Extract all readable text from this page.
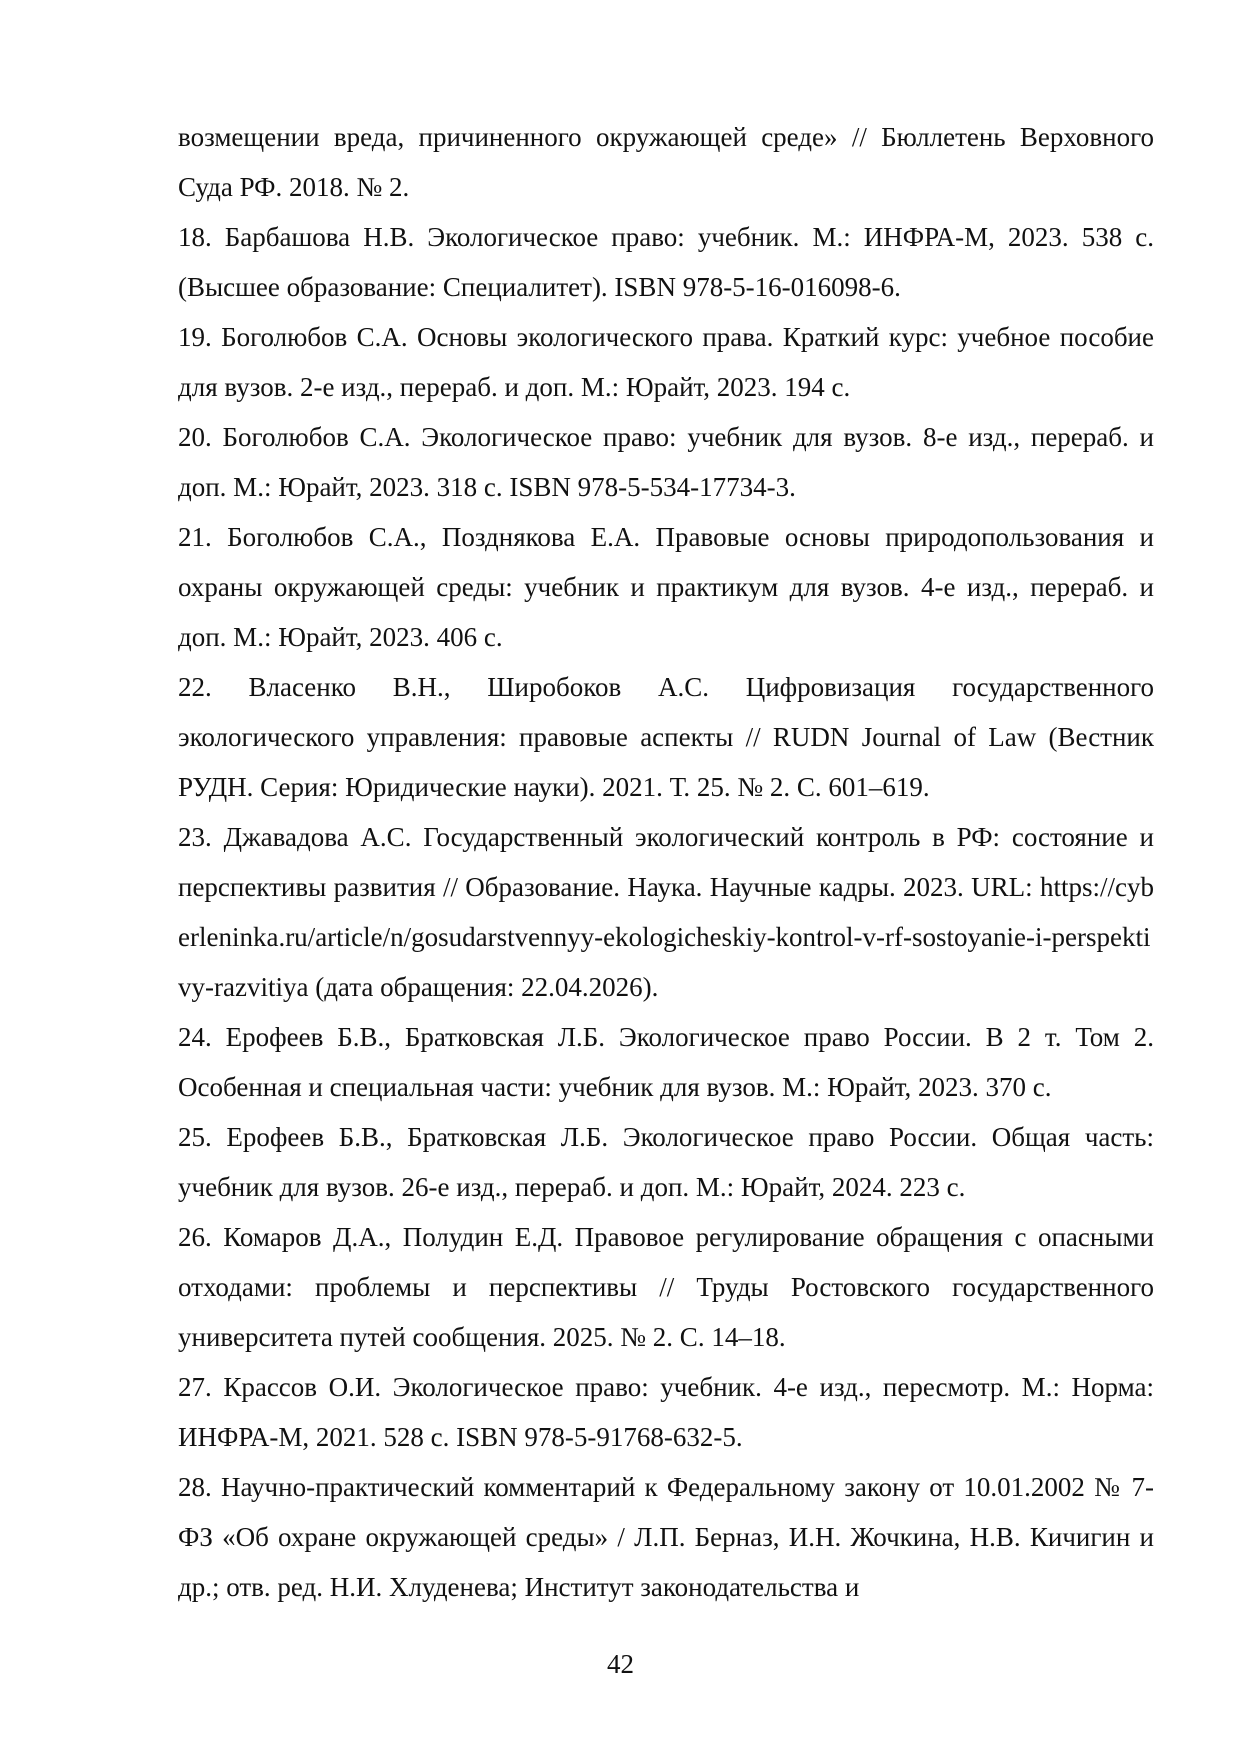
возмещении вреда, причиненного окружающей среде» // Бюллетень Верховного Суда РФ. 2018. № 2.

18. Барбашова Н.В. Экологическое право: учебник. М.: ИНФРА-М, 2023. 538 с. (Высшее образование: Специалитет). ISBN 978-5-16-016098-6.

19. Боголюбов С.А. Основы экологического права. Краткий курс: учебное пособие для вузов. 2-е изд., перераб. и доп. М.: Юрайт, 2023. 194 с.

20. Боголюбов С.А. Экологическое право: учебник для вузов. 8-е изд., перераб. и доп. М.: Юрайт, 2023. 318 с. ISBN 978-5-534-17734-3.

21. Боголюбов С.А., Позднякова Е.А. Правовые основы природопользования и охраны окружающей среды: учебник и практикум для вузов. 4-е изд., перераб. и доп. М.: Юрайт, 2023. 406 с.

22. Власенко В.Н., Широбоков А.С. Цифровизация государственного экологического управления: правовые аспекты // RUDN Journal of Law (Вестник РУДН. Серия: Юридические науки). 2021. Т. 25. № 2. С. 601–619.

23. Джавадова А.С. Государственный экологический контроль в РФ: состояние и перспективы развития // Образование. Наука. Научные кадры. 2023. URL: https://cyberleninka.ru/article/n/gosudarstvennyy-ekologicheskiy-kontrol-v-rf-sostoyanie-i-perspektivy-razvitiya (дата обращения: 22.04.2026).

24. Ерофеев Б.В., Братковская Л.Б. Экологическое право России. В 2 т. Том 2. Особенная и специальная части: учебник для вузов. М.: Юрайт, 2023. 370 с.

25. Ерофеев Б.В., Братковская Л.Б. Экологическое право России. Общая часть: учебник для вузов. 26-е изд., перераб. и доп. М.: Юрайт, 2024. 223 с.

26. Комаров Д.А., Полудин Е.Д. Правовое регулирование обращения с опасными отходами: проблемы и перспективы // Труды Ростовского государственного университета путей сообщения. 2025. № 2. С. 14–18.

27. Крассов О.И. Экологическое право: учебник. 4-е изд., пересмотр. М.: Норма: ИНФРА-М, 2021. 528 с. ISBN 978-5-91768-632-5.

28. Научно-практический комментарий к Федеральному закону от 10.01.2002 № 7-ФЗ «Об охране окружающей среды» / Л.П. Берназ, И.Н. Жочкина, Н.В. Кичигин и др.; отв. ред. Н.И. Хлуденева; Институт законодательства и

42
